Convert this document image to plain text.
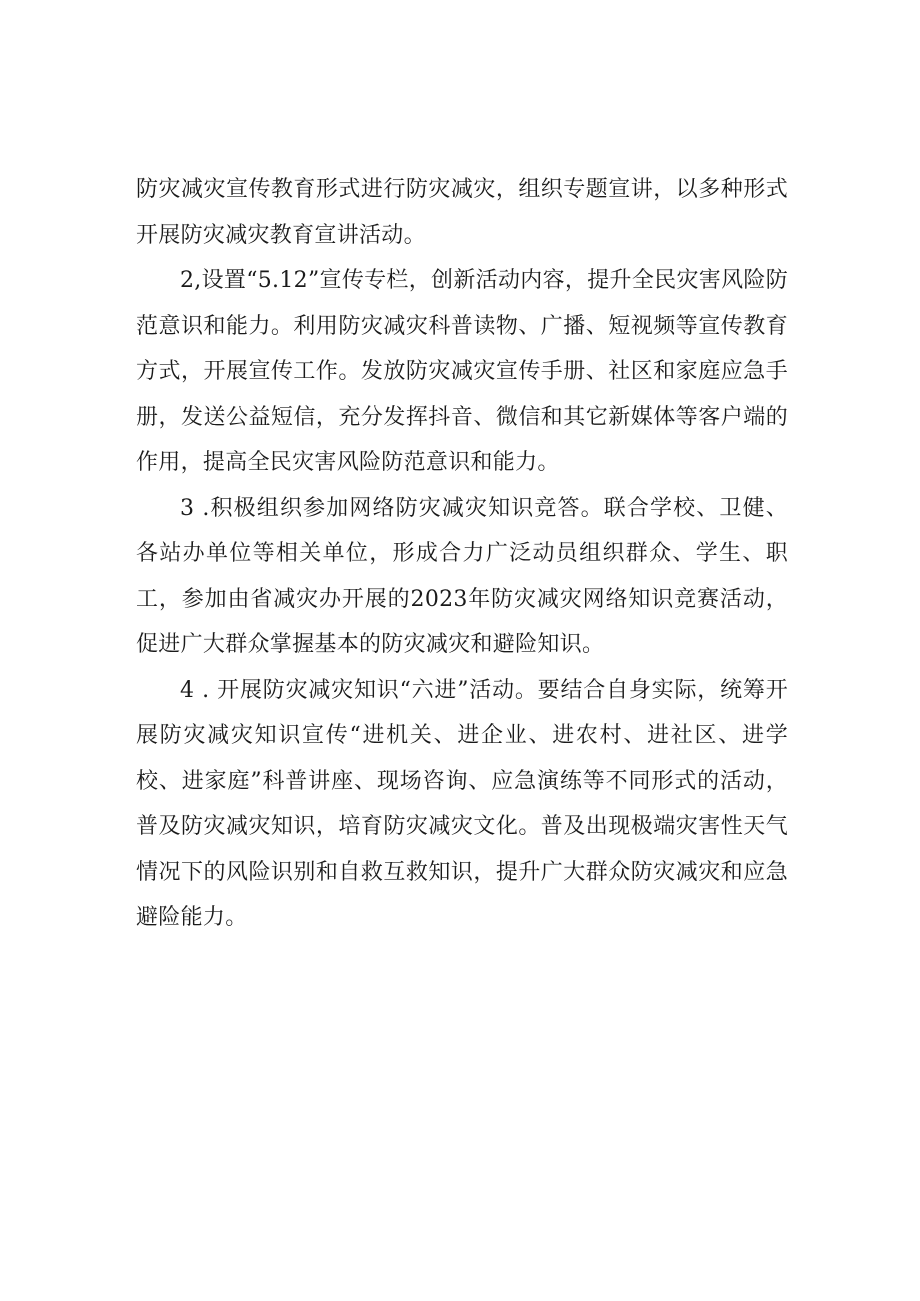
防灾减灾宣传教育形式进行防灾减灾，组织专题宣讲，以多种形式开展防灾减灾教育宣讲活动。

2,设置“5.12”宣传专栏，创新活动内容，提升全民灾害风险防范意识和能力。利用防灾减灾科普读物、广播、短视频等宣传教育方式，开展宣传工作。发放防灾减灾宣传手册、社区和家庭应急手册，发送公益短信，充分发挥抖音、微信和其它新媒体等客户端的作用，提高全民灾害风险防范意识和能力。

3 .积极组织参加网络防灾减灾知识竞答。联合学校、卫健、各站办单位等相关单位，形成合力广泛动员组织群众、学生、职工，参加由省减灾办开展的2023年防灾减灾网络知识竞赛活动，促进广大群众掌握基本的防灾减灾和避险知识。

4 . 开展防灾减灾知识“六进”活动。要结合自身实际，统筹开展防灾减灾知识宣传“进机关、进企业、进农村、进社区、进学校、进家庭”科普讲座、现场咨询、应急演练等不同形式的活动，普及防灾减灾知识，培育防灾减灾文化。普及出现极端灾害性天气情况下的风险识别和自救互救知识，提升广大群众防灾减灾和应急避险能力。
